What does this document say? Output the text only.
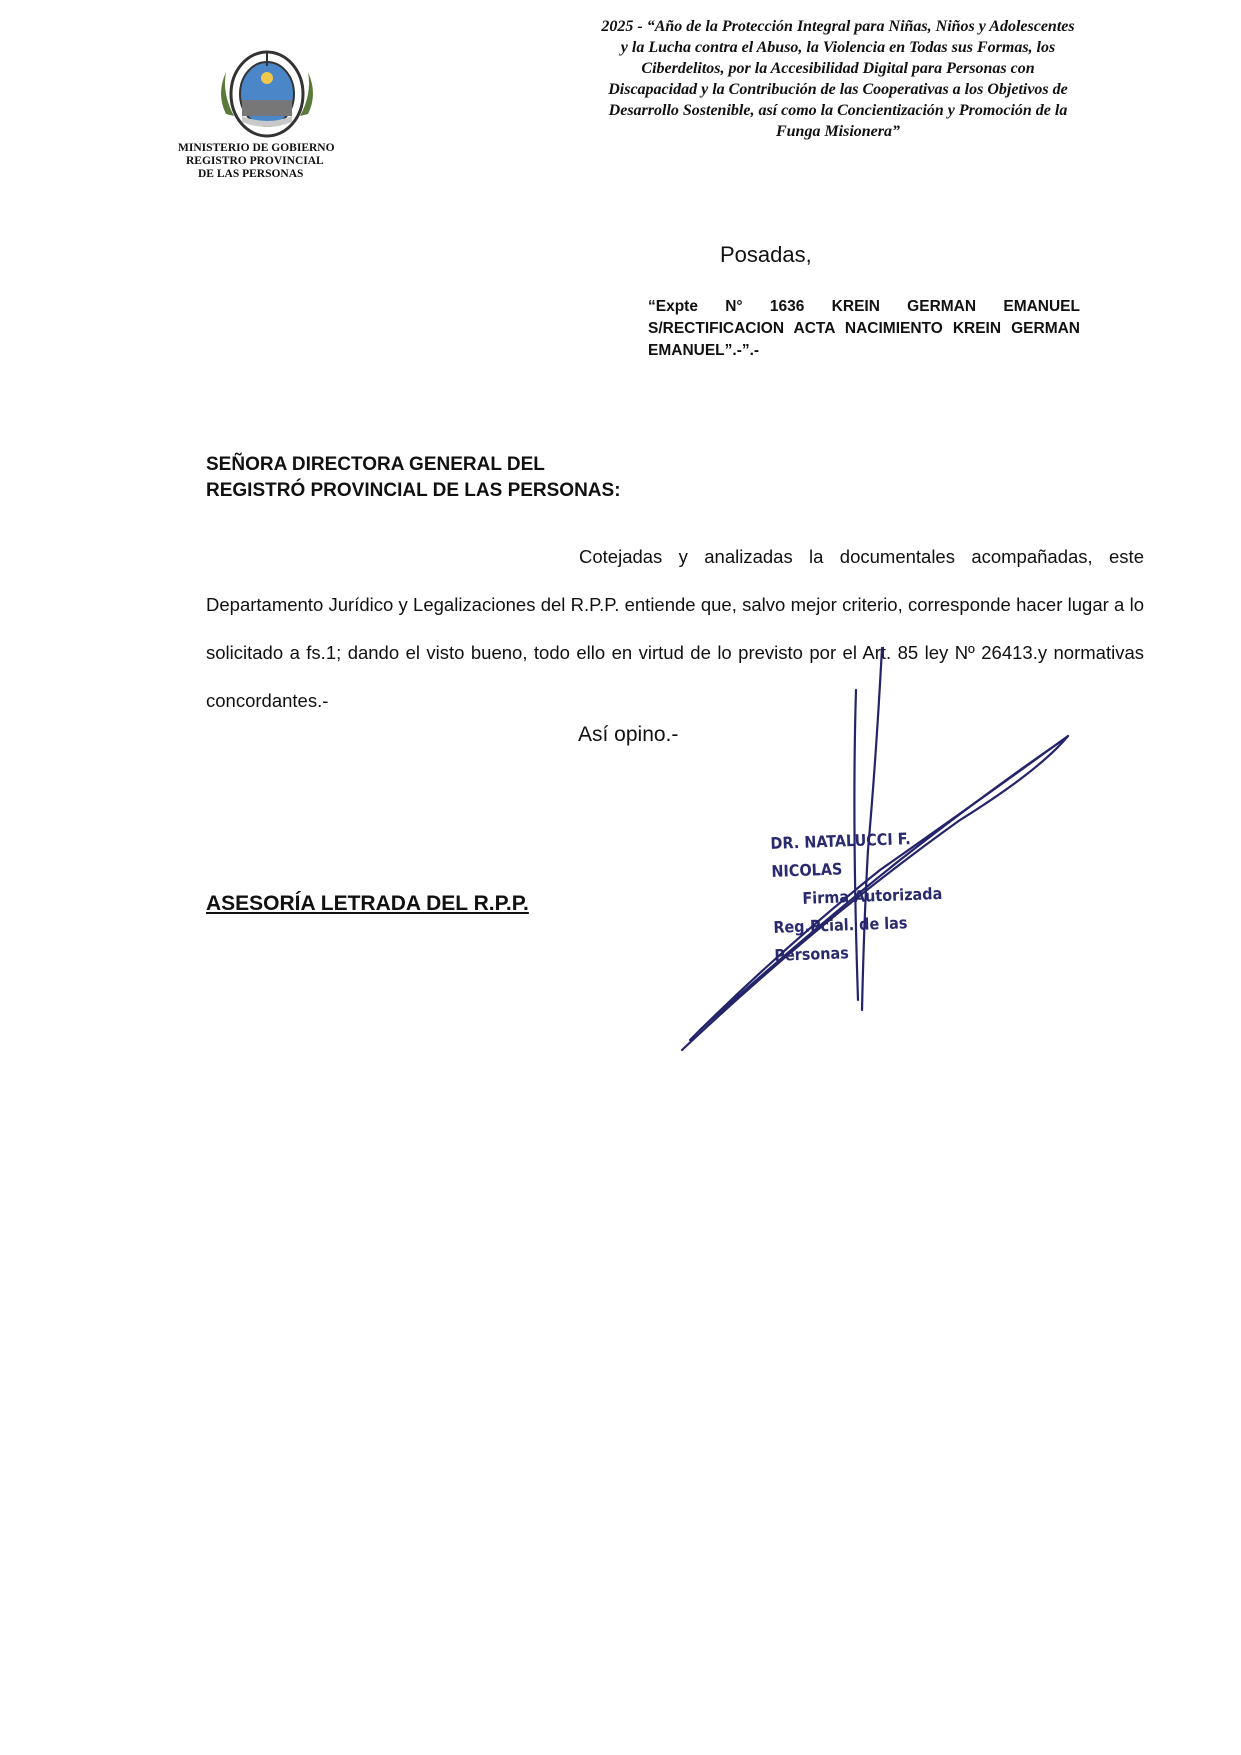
MINISTERIO DE GOBIERNO
REGISTRO PROVINCIAL
DE LAS PERSONAS
2025 - “Año de la Protección Integral para Niñas, Niños y Adolescentes
y la Lucha contra el Abuso, la Violencia en Todas sus Formas, los
Ciberdelitos, por la Accesibilidad Digital para Personas con
Discapacidad y la Contribución de las Cooperativas a los Objetivos de
Desarrollo Sostenible, así como la Concientización y Promoción de la
Funga Misionera”
Posadas,
“Expte N° 1636 KREIN GERMAN EMANUEL S/RECTIFICACION ACTA NACIMIENTO KREIN GERMAN EMANUEL”.-”.-
SEÑORA DIRECTORA GENERAL DEL
REGISTRÓ PROVINCIAL DE LAS PERSONAS:
Cotejadas y analizadas la documentales acompañadas, este Departamento Jurídico y Legalizaciones del R.P.P. entiende que, salvo mejor criterio, corresponde hacer lugar a lo solicitado a fs.1; dando el visto bueno, todo ello en virtud de lo previsto por el Art. 85 ley Nº 26413.y normativas concordantes.-
Así opino.-
ASESORÍA LETRADA DEL R.P.P.
DR. NATALUCCI F. NICOLAS
Firma Autorizada
Reg.Pcial. de las Personas
